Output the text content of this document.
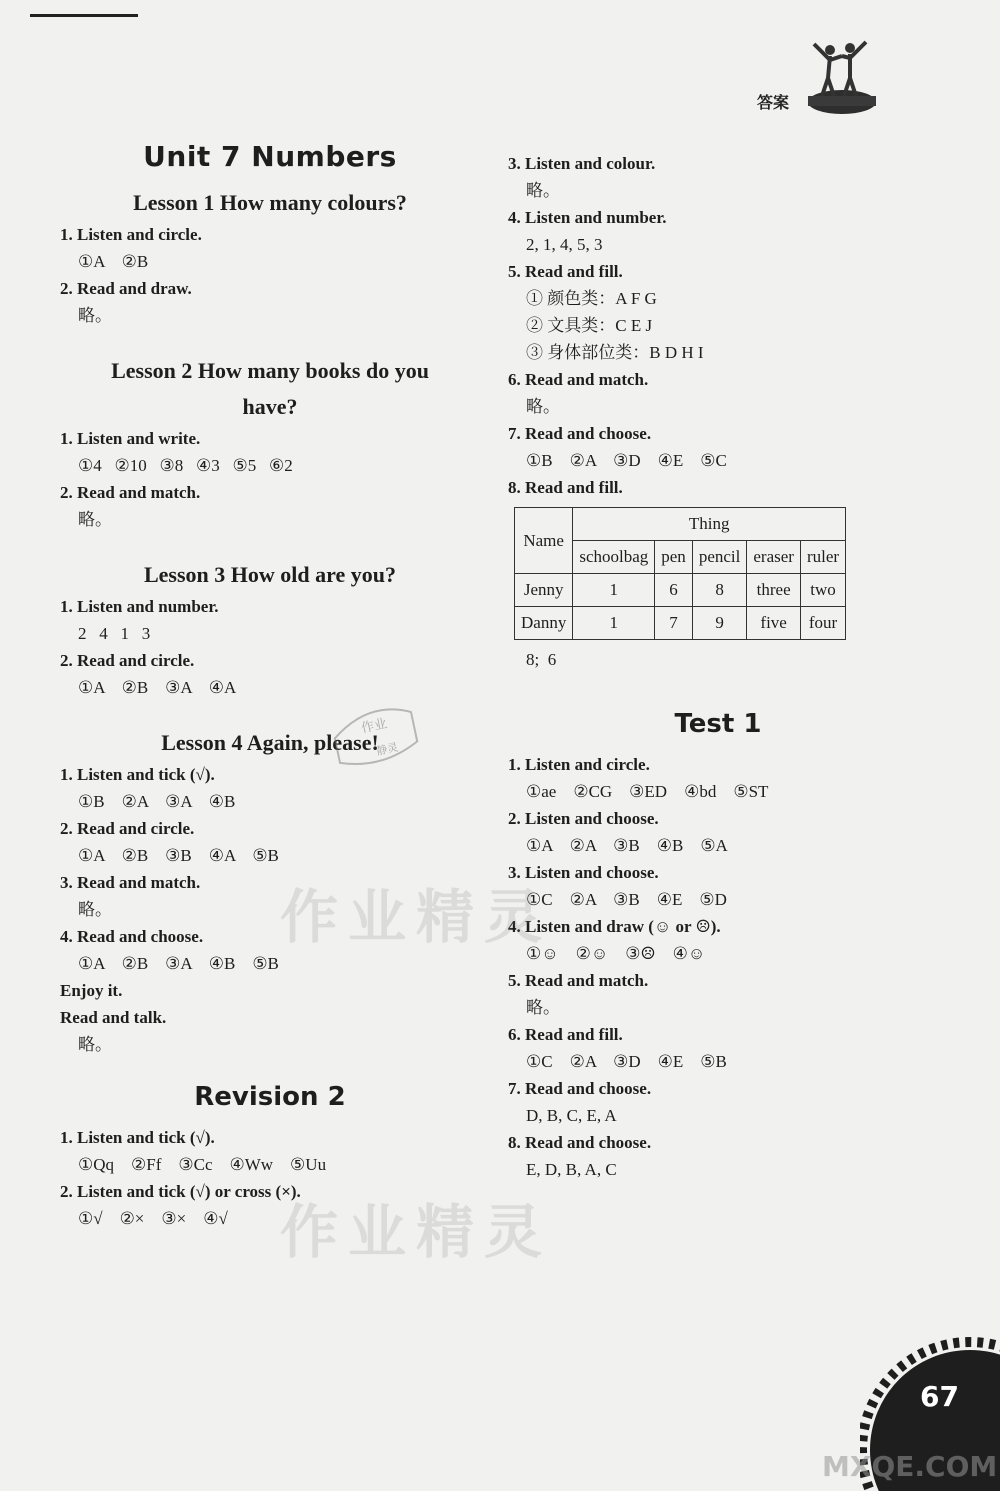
答案
Unit 7 Numbers
Lesson 1 How many colours?

1. Listen and circle.

①A    ②B

2. Read and draw.

略。

Lesson 2 How many books do you
have?

1. Listen and write.

①4   ②10   ③8   ④3   ⑤5   ⑥2

2. Read and match.

略。

Lesson 3 How old are you?

1. Listen and number.

2   4   1   3

2. Read and circle.

①A    ②B    ③A    ④A

Lesson 4 Again, please!

1. Listen and tick (√).

①B    ②A    ③A    ④B

2. Read and circle.

①A    ②B    ③B    ④A    ⑤B

3. Read and match.

略。

4. Read and choose.

①A    ②B    ③A    ④B    ⑤B

Enjoy it.

Read and talk.

略。

Revision 2

1. Listen and tick (√).

①Qq    ②Ff    ③Cc    ④Ww    ⑤Uu

2. Listen and tick (√) or cross (×).

①√    ②×    ③×    ④√

3. Listen and colour.

略。

4. Listen and number.

2, 1, 4, 5, 3

5. Read and fill.

① 颜色类：A F G

② 文具类：C E J

③ 身体部位类：B D H I

6. Read and match.

略。

7. Read and choose.

①B    ②A    ③D    ④E    ⑤C

8. Read and fill.

Name	Thing				
	schoolbag	pen	pencil	eraser	ruler
Jenny	1	6	8	three	two
Danny	1	7	9	five	four

8;  6

Test 1

1. Listen and circle.

①ae    ②CG    ③ED    ④bd    ⑤ST

2. Listen and choose.

①A    ②A    ③B    ④B    ⑤A

3. Listen and choose.

①C    ②A    ③B    ④E    ⑤D

4. Listen and draw (☺ or ☹).

①☺    ②☺    ③☹    ④☺

5. Read and match.

略。

6. Read and fill.

①C    ②A    ③D    ④E    ⑤B

7. Read and choose.

D, B, C, E, A

8. Read and choose.

E, D, B, A, C

作业精灵
作业精灵
作业
静灵
67
MXQE.COM
